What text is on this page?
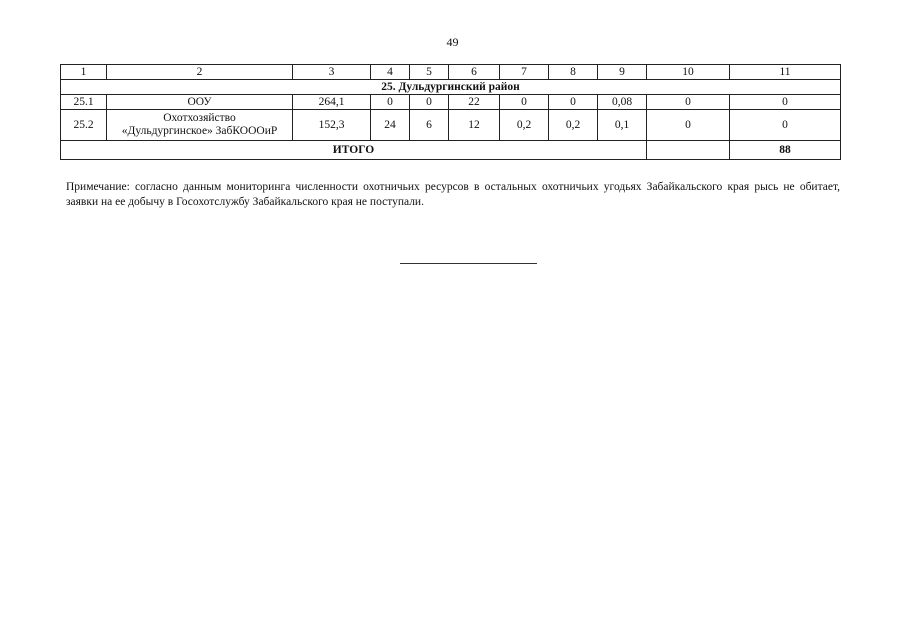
49
1	2	3	4	5	6	7	8	9	10	11
25. Дульдургинский район										
25.1	ООУ	264,1	0	0	22	0	0	0,08	0	0
25.2	Охотхозяйство
«Дульдургинское» ЗабКОООиР	152,3	24	6	12	0,2	0,2	0,1	0	0
ИТОГО										88
Примечание: согласно данным мониторинга численности охотничьих ресурсов в остальных охотничьих угодьях Забайкальского края рысь не обитает, заявки на ее добычу в Госохотслужбу Забайкальского края не поступали.
